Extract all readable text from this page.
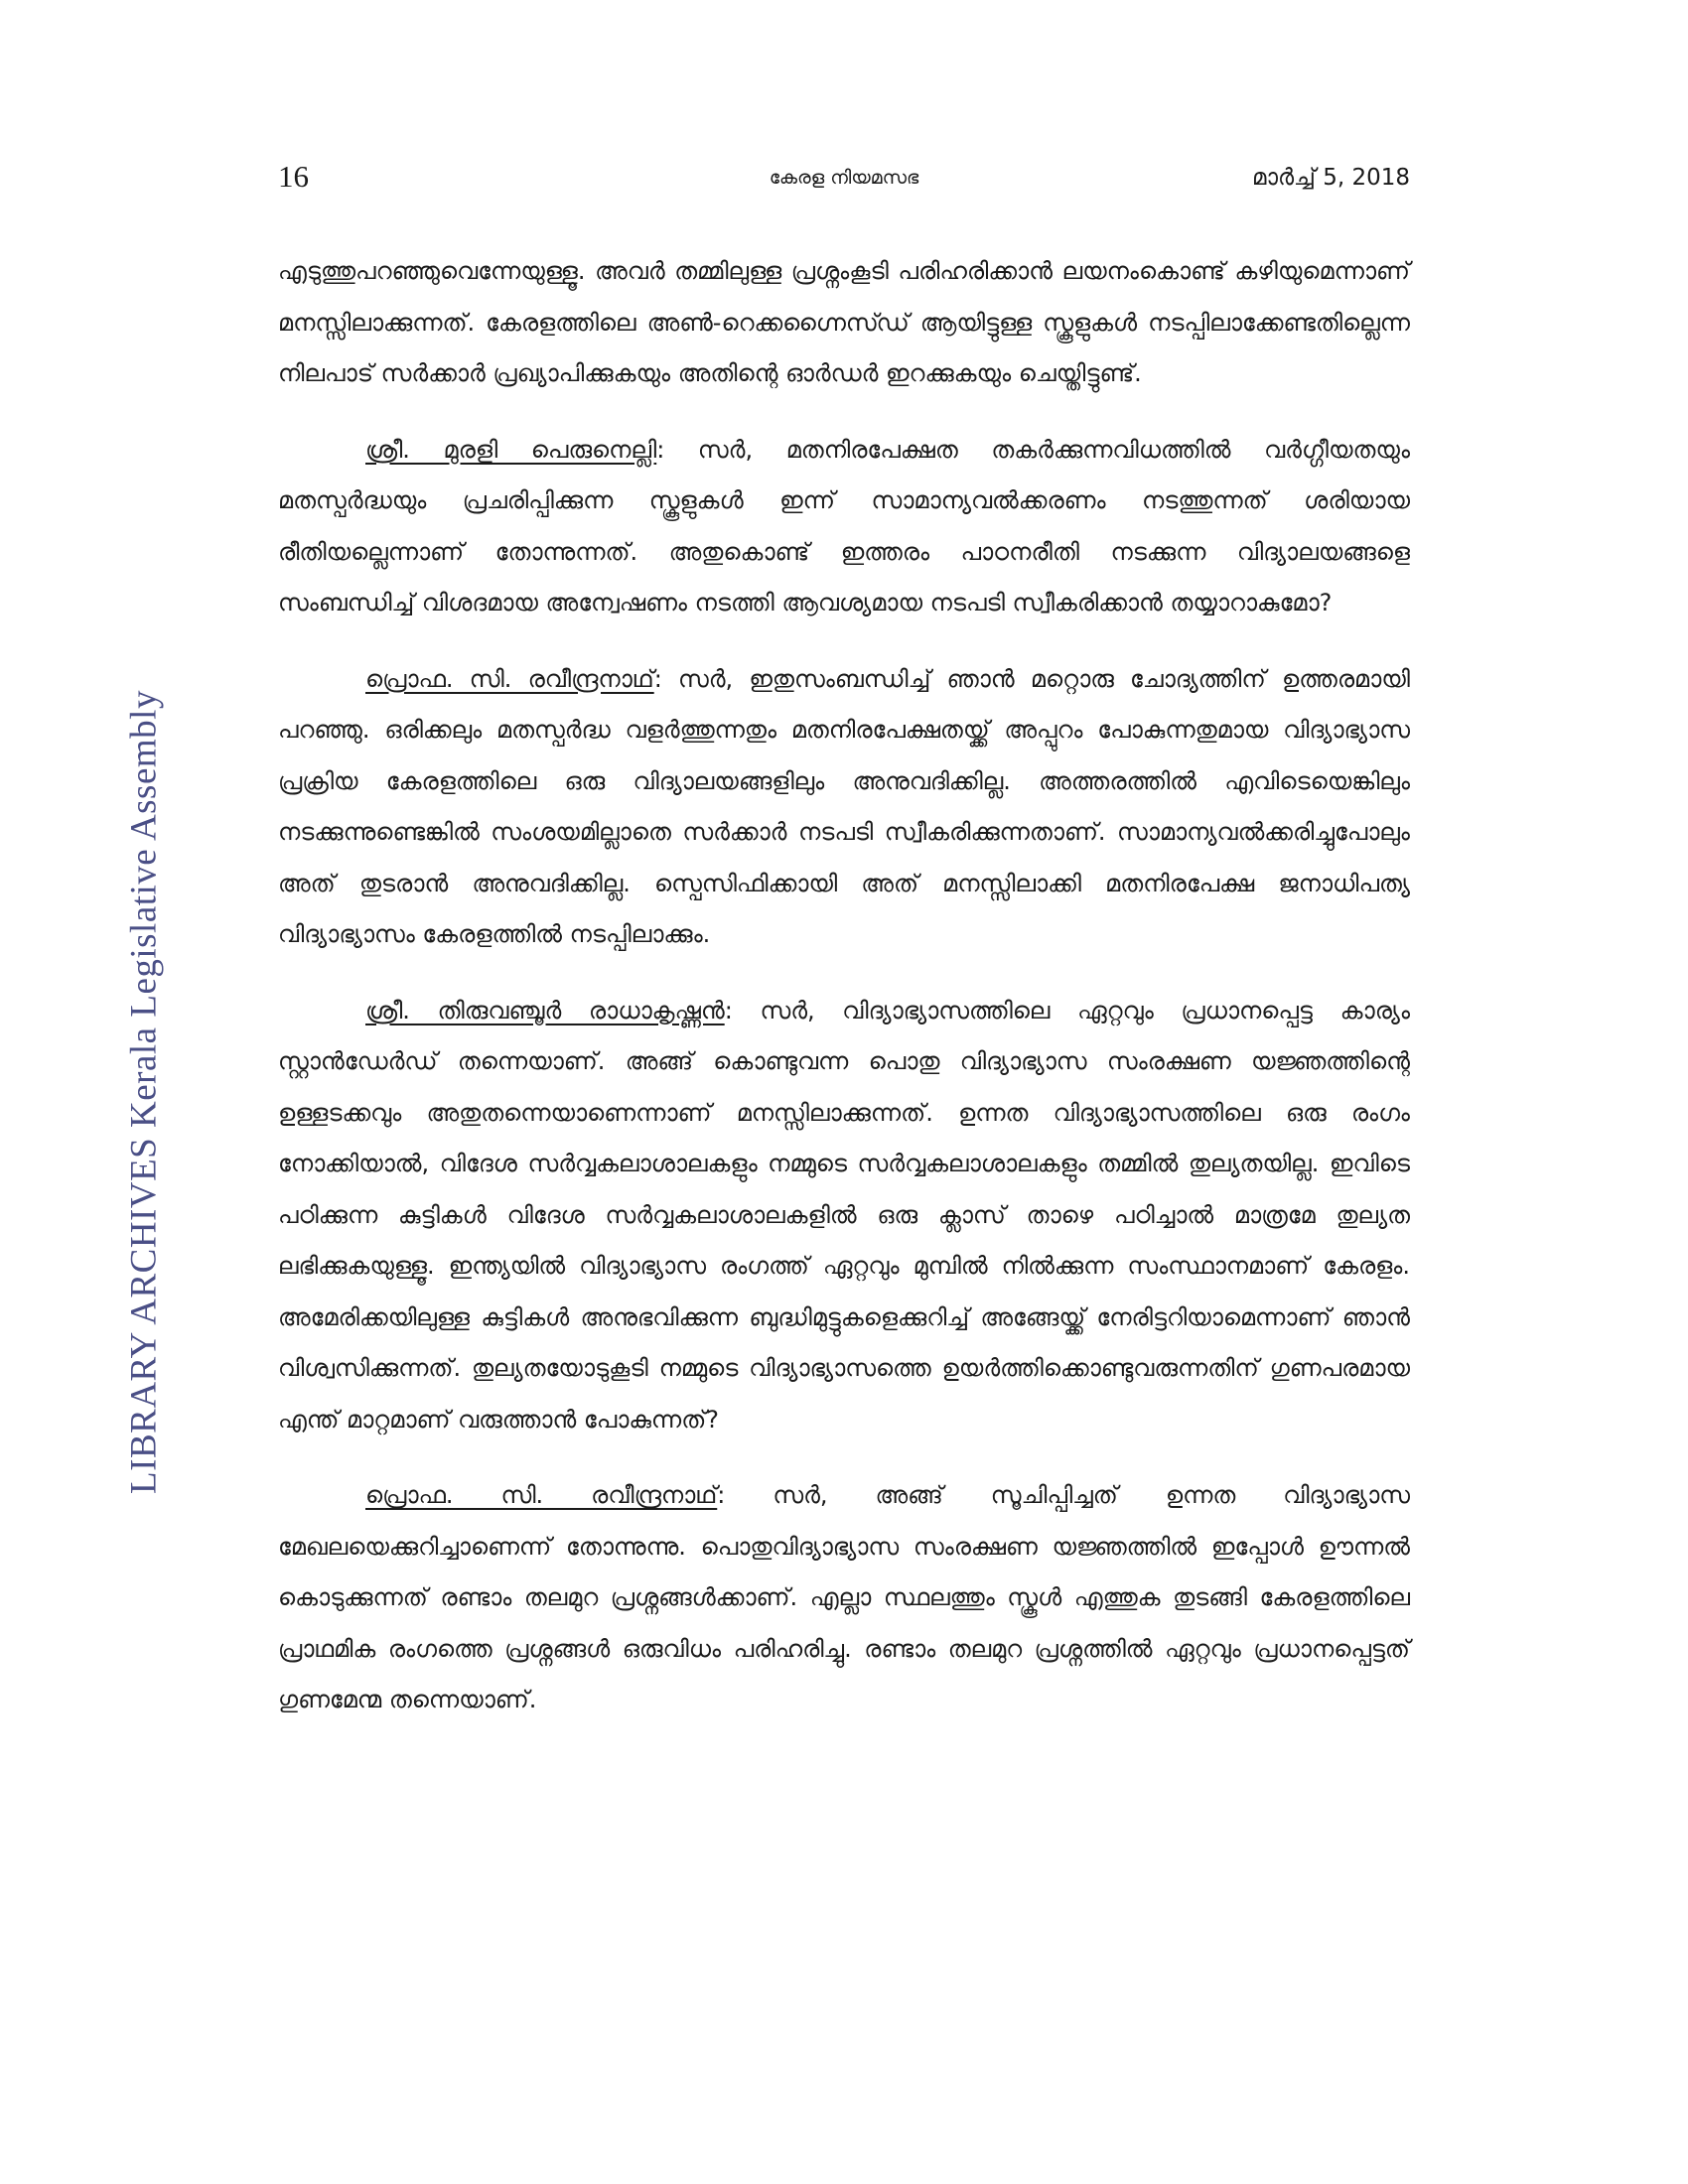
LIBRARY ARCHIVES Kerala Legislative Assembly
16	കേരള നിയമസഭ	മാർച്ച് 5, 2018

എടുത്തുപറഞ്ഞുവെന്നേയുള്ളൂ. അവർ തമ്മിലുള്ള പ്രശ്നംകൂടി പരിഹരിക്കാൻ ലയനംകൊണ്ട് കഴിയുമെന്നാണ് മനസ്സിലാക്കുന്നത്. കേരളത്തിലെ അൺ-റെക്കഗ്നൈസ്ഡ് ആയിട്ടുള്ള സ്കൂളുകൾ നടപ്പിലാക്കേണ്ടതില്ലെന്ന നിലപാട് സർക്കാർ പ്രഖ്യാപിക്കുകയും അതിന്റെ ഓർഡർ ഇറക്കുകയും ചെയ്തിട്ടുണ്ട്.

ശ്രീ. മുരളി പെരുനെല്ലി: സർ, മതനിരപേക്ഷത തകർക്കുന്നവിധത്തിൽ വർഗ്ഗീയതയും മതസ്പർദ്ധയും പ്രചരിപ്പിക്കുന്ന സ്കൂളുകൾ ഇന്ന് സാമാന്യവൽക്കരണം നടത്തുന്നത് ശരിയായ രീതിയല്ലെന്നാണ് തോന്നുന്നത്. അതുകൊണ്ട് ഇത്തരം പാഠനരീതി നടക്കുന്ന വിദ്യാലയങ്ങളെ സംബന്ധിച്ച് വിശദമായ അന്വേഷണം നടത്തി ആവശ്യമായ നടപടി സ്വീകരിക്കാൻ തയ്യാറാകുമോ?

പ്രൊഫ. സി. രവീന്ദ്രനാഥ്: സർ, ഇതുസംബന്ധിച്ച് ഞാൻ മറ്റൊരു ചോദ്യത്തിന് ഉത്തരമായി പറഞ്ഞു. ഒരിക്കലും മതസ്പർദ്ധ വളർത്തുന്നതും മതനിരപേക്ഷതയ്ക്ക് അപ്പുറം പോകുന്നതുമായ വിദ്യാഭ്യാസ പ്രക്രിയ കേരളത്തിലെ ഒരു വിദ്യാലയങ്ങളിലും അനുവദിക്കില്ല. അത്തരത്തിൽ എവിടെയെങ്കിലും നടക്കുന്നുണ്ടെങ്കിൽ സംശയമില്ലാതെ സർക്കാർ നടപടി സ്വീകരിക്കുന്നതാണ്. സാമാന്യവൽക്കരിച്ചുപോലും അത് തുടരാൻ അനുവദിക്കില്ല. സ്പെസിഫിക്കായി അത് മനസ്സിലാക്കി മതനിരപേക്ഷ ജനാധിപത്യ വിദ്യാഭ്യാസം കേരളത്തിൽ നടപ്പിലാക്കും.

ശ്രീ. തിരുവഞ്ചൂർ രാധാകൃഷ്ണൻ: സർ, വിദ്യാഭ്യാസത്തിലെ ഏറ്റവും പ്രധാനപ്പെട്ട കാര്യം സ്റ്റാൻഡേർഡ് തന്നെയാണ്. അങ്ങ് കൊണ്ടുവന്ന പൊതു വിദ്യാഭ്യാസ സംരക്ഷണ യജ്ഞത്തിന്റെ ഉള്ളടക്കവും അതുതന്നെയാണെന്നാണ് മനസ്സിലാക്കുന്നത്. ഉന്നത വിദ്യാഭ്യാസത്തിലെ ഒരു രംഗം നോക്കിയാൽ, വിദേശ സർവ്വകലാശാലകളും നമ്മുടെ സർവ്വകലാശാലകളും തമ്മിൽ തുല്യതയില്ല. ഇവിടെ പഠിക്കുന്ന കുട്ടികൾ വിദേശ സർവ്വകലാശാലകളിൽ ഒരു ക്ലാസ് താഴെ പഠിച്ചാൽ മാത്രമേ തുല്യത ലഭിക്കുകയുള്ളൂ. ഇന്ത്യയിൽ വിദ്യാഭ്യാസ രംഗത്ത് ഏറ്റവും മുമ്പിൽ നിൽക്കുന്ന സംസ്ഥാനമാണ് കേരളം. അമേരിക്കയിലുള്ള കുട്ടികൾ അനുഭവിക്കുന്ന ബുദ്ധിമുട്ടുകളെക്കുറിച്ച് അങ്ങേയ്ക്ക് നേരിട്ടറിയാമെന്നാണ് ഞാൻ വിശ്വസിക്കുന്നത്. തുല്യതയോടുകൂടി നമ്മുടെ വിദ്യാഭ്യാസത്തെ ഉയർത്തിക്കൊണ്ടുവരുന്നതിന് ഗുണപരമായ എന്ത് മാറ്റമാണ് വരുത്താൻ പോകുന്നത്?

പ്രൊഫ. സി. രവീന്ദ്രനാഥ്: സർ, അങ്ങ് സൂചിപ്പിച്ചത് ഉന്നത വിദ്യാഭ്യാസ മേഖലയെക്കുറിച്ചാണെന്ന് തോന്നുന്നു. പൊതുവിദ്യാഭ്യാസ സംരക്ഷണ യജ്ഞത്തിൽ ഇപ്പോൾ ഊന്നൽ കൊടുക്കുന്നത് രണ്ടാം തലമുറ പ്രശ്നങ്ങൾക്കാണ്. എല്ലാ സ്ഥലത്തും സ്കൂൾ എത്തുക തുടങ്ങി കേരളത്തിലെ പ്രാഥമിക രംഗത്തെ പ്രശ്നങ്ങൾ ഒരുവിധം പരിഹരിച്ചു. രണ്ടാം തലമുറ പ്രശ്നത്തിൽ ഏറ്റവും പ്രധാനപ്പെട്ടത് ഗുണമേന്മ തന്നെയാണ്.
